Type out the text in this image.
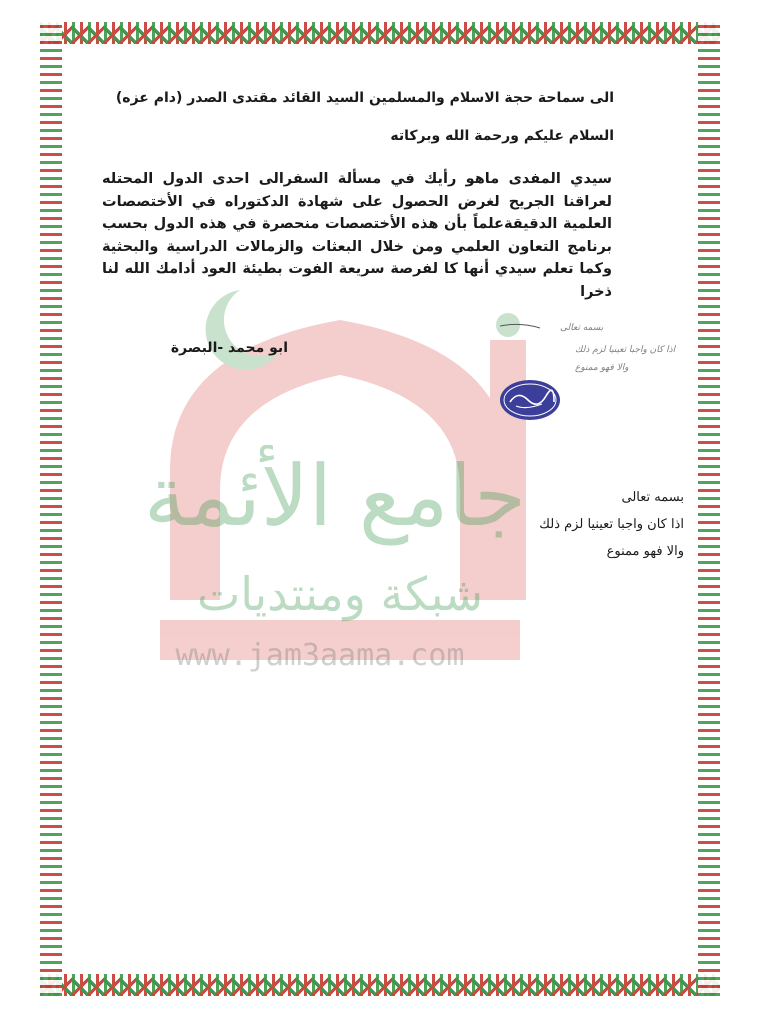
جامع الأئمة
شبكة ومنتديات
www.jam3aama.com
الى سماحة حجة الاسلام والمسلمين السيد القائد مقتدى الصدر (دام عزه)
السلام عليكم ورحمة الله وبركاته
سيدي المفدى ماهو رأيك في مسألة السفرالى احدى الدول المحتله لعراقنا الجريح لغرض الحصول على شهادة الدكتوراه في الأختصصات العلمية الدقيقةعلماً بأن هذه الأختصصات منحصرة في هذه الدول بحسب برنامج التعاون العلمي ومن خلال البعثات والزمالات الدراسية والبحثية وكما تعلم سيدي أنها كا لفرصة سريعة الفوت بطيئة العود أدامك الله لنا ذخرا
ابو محمد -البصرة
بسمه تعالى
اذا كان واجبا تعينيا لزم ذلك
والا فهو ممنوع
بسمه تعالى
اذا كان واجبا تعينيا لزم ذلك
والا فهو ممنوع
